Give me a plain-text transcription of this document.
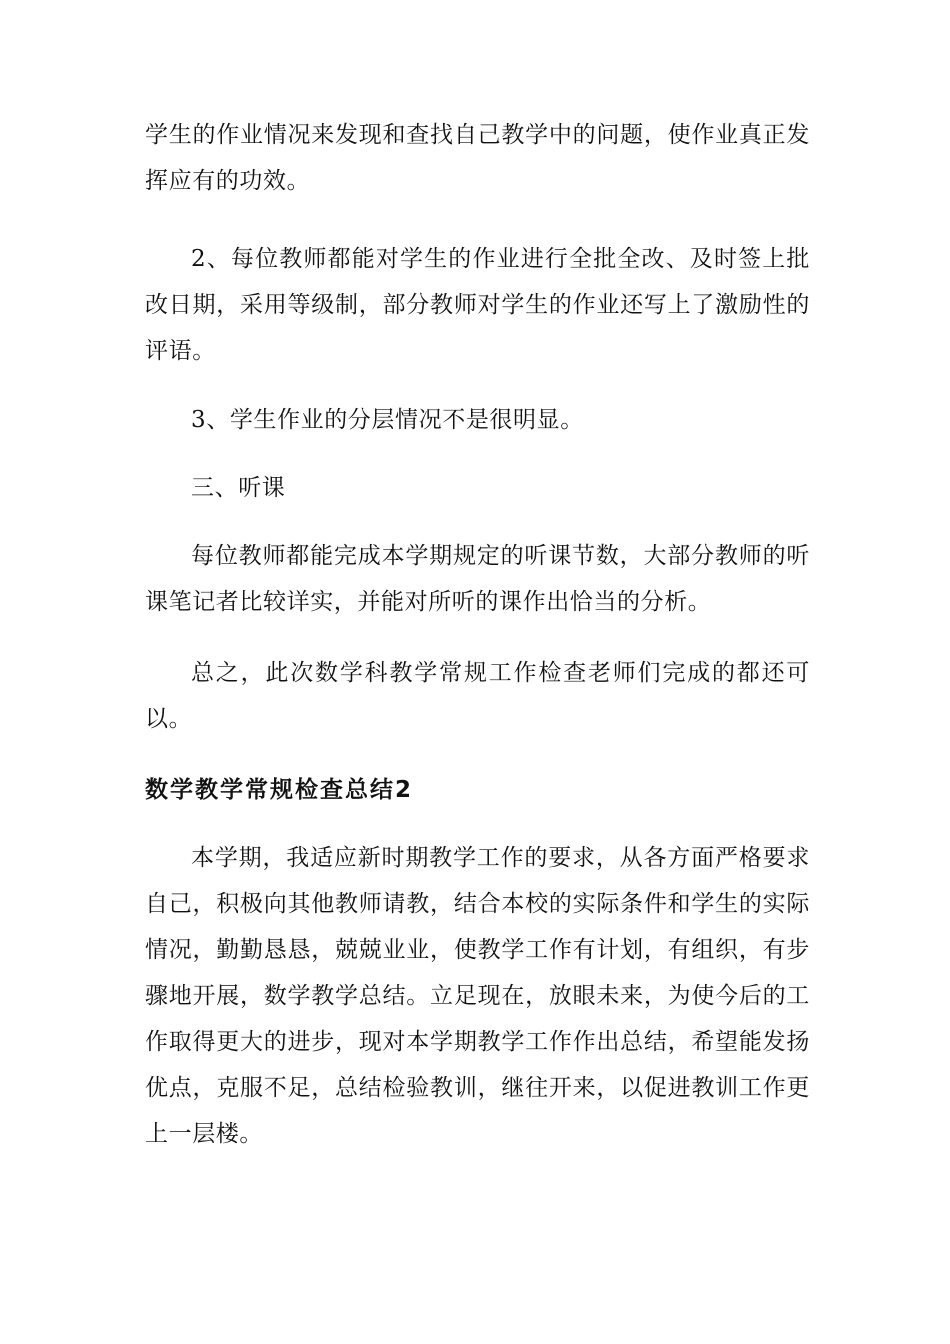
学生的作业情况来发现和查找自己教学中的问题，使作业真正发挥应有的功效。

2、每位教师都能对学生的作业进行全批全改、及时签上批改日期，采用等级制，部分教师对学生的作业还写上了激励性的评语。

3、学生作业的分层情况不是很明显。

三、听课

每位教师都能完成本学期规定的听课节数，大部分教师的听课笔记者比较详实，并能对所听的课作出恰当的分析。

总之，此次数学科教学常规工作检查老师们完成的都还可以。

数学教学常规检查总结2

本学期，我适应新时期教学工作的要求，从各方面严格要求自己，积极向其他教师请教，结合本校的实际条件和学生的实际情况，勤勤恳恳，兢兢业业，使教学工作有计划，有组织，有步骤地开展，数学教学总结。立足现在，放眼未来，为使今后的工作取得更大的进步，现对本学期教学工作作出总结，希望能发扬优点，克服不足，总结检验教训，继往开来，以促进教训工作更上一层楼。
